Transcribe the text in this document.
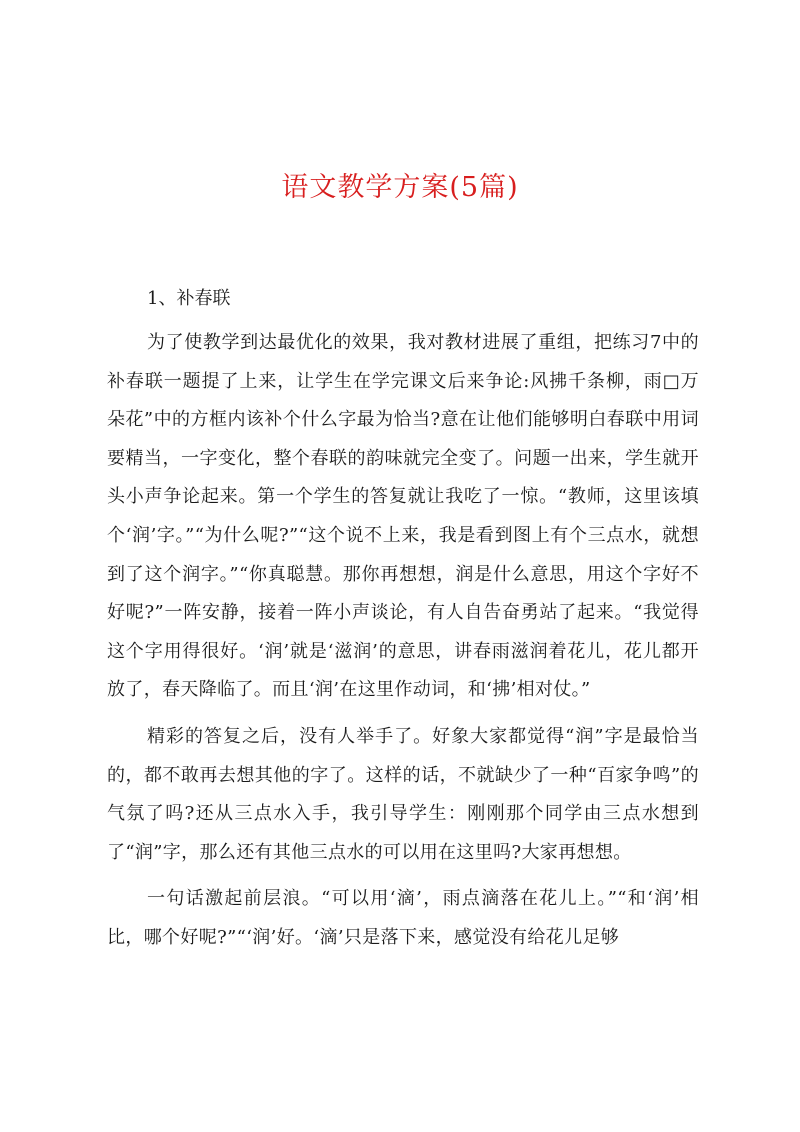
语文教学方案(5篇)
1、补春联

为了使教学到达最优化的效果，我对教材进展了重组，把练习7中的补春联一题提了上来，让学生在学完课文后来争论:风拂千条柳，雨□万朵花”中的方框内该补个什么字最为恰当?意在让他们能够明白春联中用词要精当，一字变化，整个春联的韵味就完全变了。问题一出来，学生就开头小声争论起来。第一个学生的答复就让我吃了一惊。“教师，这里该填个‘润’字。”“为什么呢?”“这个说不上来，我是看到图上有个三点水，就想到了这个润字。”“你真聪慧。那你再想想，润是什么意思，用这个字好不好呢?”一阵安静，接着一阵小声谈论，有人自告奋勇站了起来。“我觉得这个字用得很好。‘润’就是‘滋润’的意思，讲春雨滋润着花儿，花儿都开放了，春天降临了。而且‘润’在这里作动词，和‘拂’相对仗。”

精彩的答复之后，没有人举手了。好象大家都觉得“润”字是最恰当的，都不敢再去想其他的字了。这样的话，不就缺少了一种“百家争鸣”的气氛了吗?还从三点水入手，我引导学生：刚刚那个同学由三点水想到了“润”字，那么还有其他三点水的可以用在这里吗?大家再想想。

一句话激起前层浪。“可以用‘滴’，雨点滴落在花儿上。”“和‘润’相比，哪个好呢?”“‘润’好。‘滴’只是落下来，感觉没有给花儿足够
